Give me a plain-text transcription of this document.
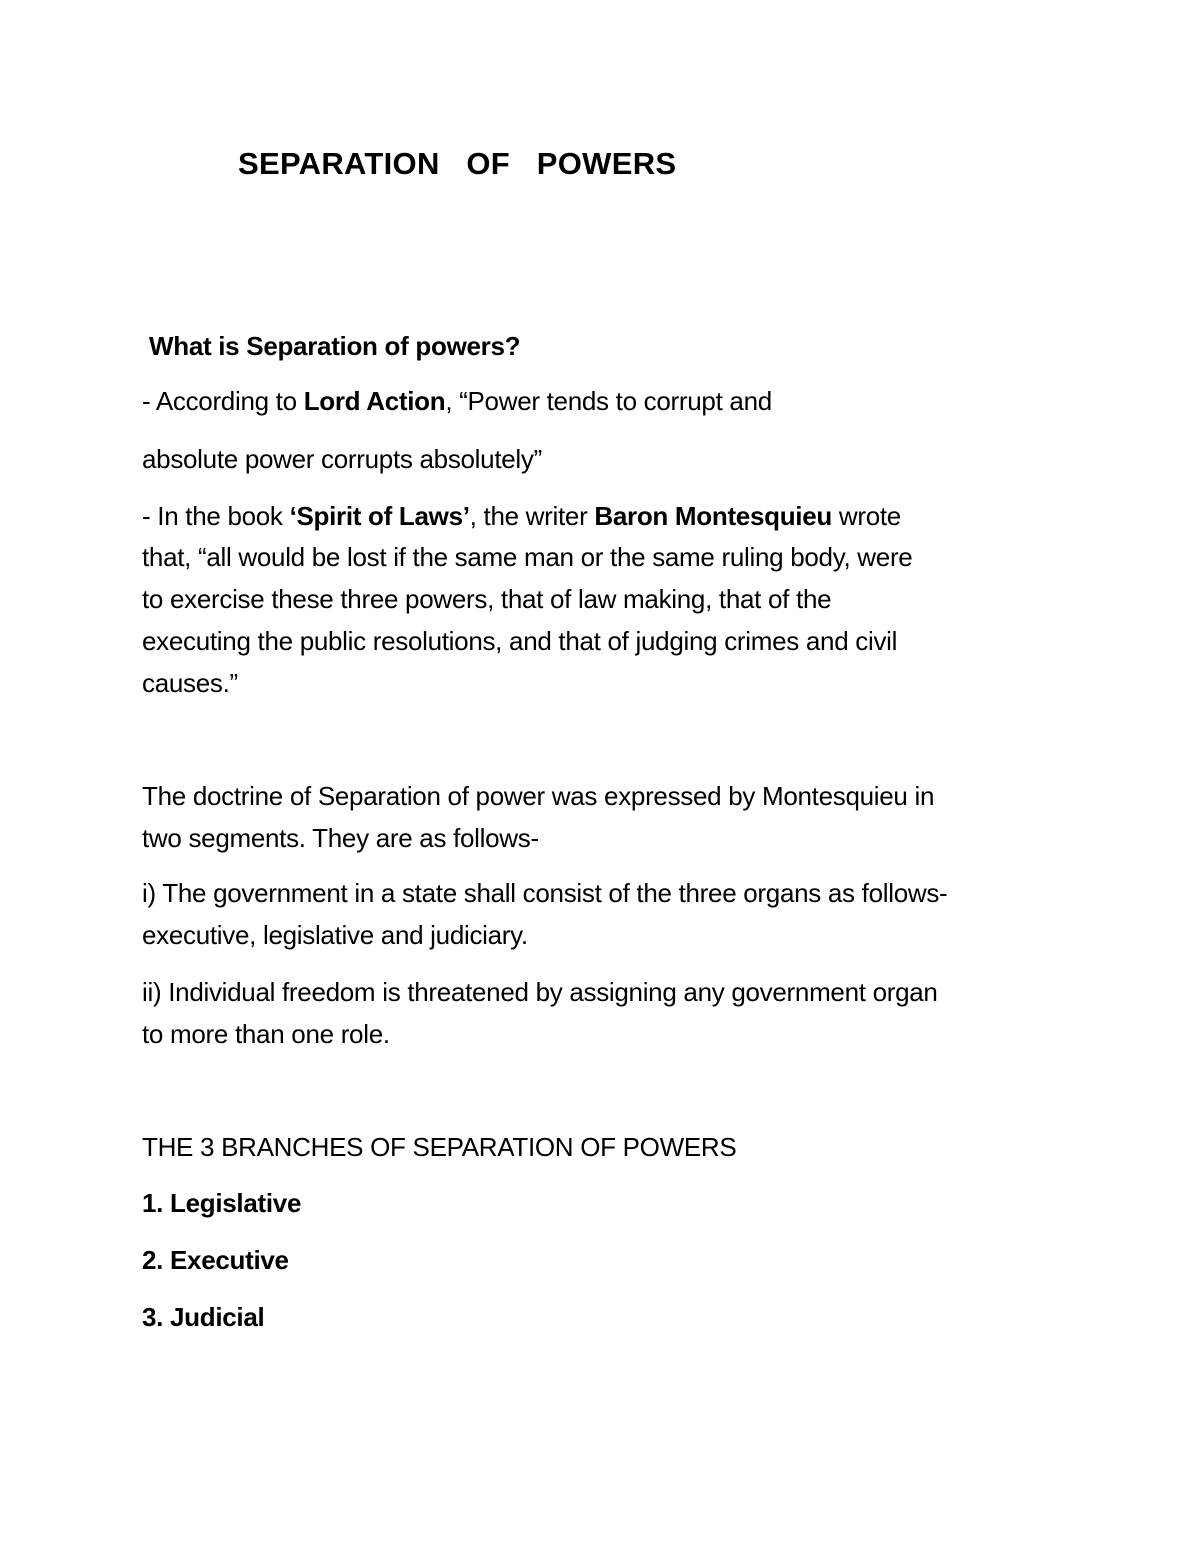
SEPARATION   OF   POWERS
What is Separation of powers?
- According to Lord Action, “Power tends to corrupt and
absolute power corrupts absolutely”
- In the book ‘Spirit of Laws’, the writer Baron Montesquieu wrote
that, “all would be lost if the same man or the same ruling body, were
to exercise these three powers, that of law making, that of the
executing the public resolutions, and that of judging crimes and civil
causes.”
The doctrine of Separation of power was expressed by Montesquieu in
two segments. They are as follows-
i) The government in a state shall consist of the three organs as follows-
executive, legislative and judiciary.
ii) Individual freedom is threatened by assigning any government organ
to more than one role.
THE 3 BRANCHES OF SEPARATION OF POWERS
1. Legislative
2. Executive
3. Judicial
